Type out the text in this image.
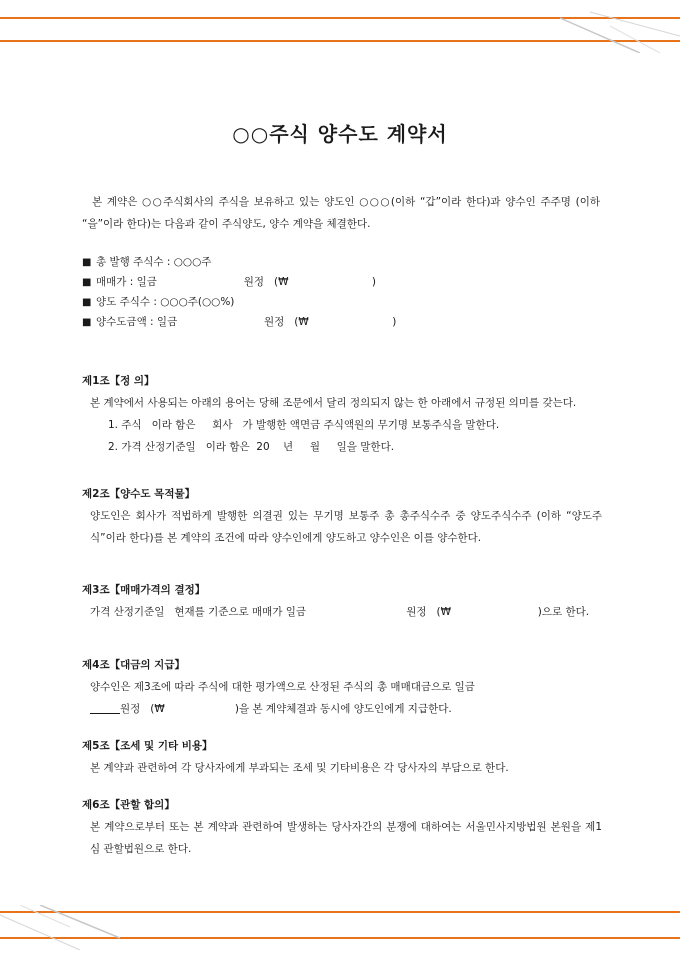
○○주식 양수도 계약서

본 계약은 ○○주식회사의 주식을 보유하고 있는 양도인 ○○○(이하 “갑”이라 한다)과 양수인 주주명 (이하 “을”이라 한다)는 다음과 같이 주식양도, 양수 계약을 체결한다.

■ 총 발행 주식수 : ○○○주
■ 매매가 : 일금                          원정   (₩                         )
■ 양도 주식수 : ○○○주(○○%)
■ 양수도금액 : 일금                          원정   (₩                         )
제1조【정 의】

본 계약에서 사용되는 아래의 용어는 당해 조문에서 달리 정의되지 않는 한 아래에서 규정된 의미를 갖는다.

1. 주식   이라 함은     회사   가 발행한 액면금 주식액원의 무기명 보통주식을 말한다.
2. 가격 산정기준일   이라 함은  20    년     월     일을 말한다.
제2조【양수도 목적물】

양도인은 회사가 적법하게 발행한 의결권 있는 무기명 보통주 총 총주식수주 중 양도주식수주 (이하 “양도주식”이라 한다)를 본 계약의 조건에 따라 양수인에게 양도하고 양수인은 이를 양수한다.

제3조【매매가격의 결정】

가격 산정기준일   현재를 기준으로 매매가 일금                              원정   (₩                          )으로 한다.

제4조【대금의 지급】

양수인은 제3조에 따라 주식에 대한 평가액으로 산정된 주식의 총 매매대금으로 일금

원정   (₩                     )을 본 계약체결과 동시에 양도인에게 지급한다.

제5조【조세 및 기타 비용】

본 계약과 관련하여 각 당사자에게 부과되는 조세 및 기타비용은 각 당사자의 부담으로 한다.

제6조【관할 합의】

본 계약으로부터 또는 본 계약과 관련하여 발생하는 당사자간의 분쟁에 대하여는 서울민사지방법원 본원을 제1심 관할법원으로 한다.
